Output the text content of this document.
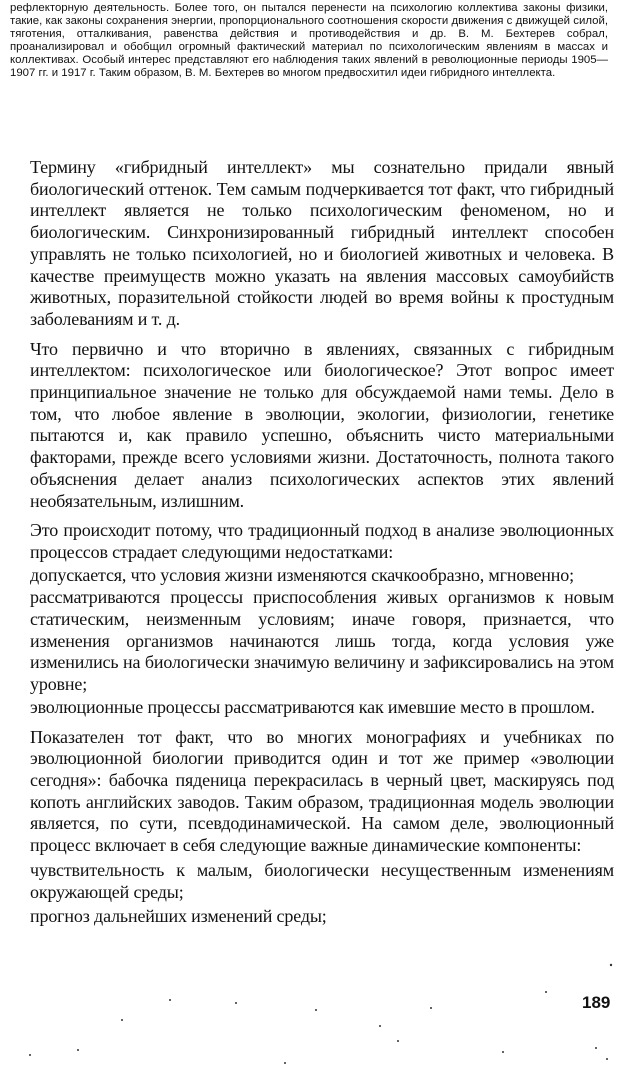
рефлекторную деятельность. Более того, он пытался перенести на психологию коллектива законы физики, такие, как законы сохранения энергии, пропорционального соотношения скорости движения с движущей силой, тяготения, отталкивания, равенства действия и противодействия и др. В. М. Бехтерев собрал, проанализировал и обобщил огромный фактический материал по психологическим явлениям в массах и коллективах. Особый интерес представляют его наблюдения таких явлений в революционные периоды 1905—1907 гг. и 1917 г. Таким образом, В. М. Бехтерев во многом предвосхитил идеи гибридного интеллекта.

Термину «гибридный интеллект» мы сознательно придали явный биологический оттенок. Тем самым подчеркивается тот факт, что гибридный интеллект является не только психологическим феноменом, но и биологическим. Синхронизированный гибридный интеллект способен управлять не только психологией, но и биологией животных и человека. В качестве преимуществ можно указать на явления массовых самоубийств животных, поразительной стойкости людей во время войны к простудным заболеваниям и т. д.

Что первично и что вторично в явлениях, связанных с гибридным интеллектом: психологическое или биологическое? Этот вопрос имеет принципиальное значение не только для обсуждаемой нами темы. Дело в том, что любое явление в эволюции, экологии, физиологии, генетике пытаются и, как правило успешно, объяснить чисто материальными факторами, прежде всего условиями жизни. Достаточность, полнота такого объяснения делает анализ психологических аспектов этих явлений необязательным, излишним.

Это происходит потому, что традиционный подход в анализе эволюционных процессов страдает следующими недостатками:

допускается, что условия жизни изменяются скачкообразно, мгновенно;

рассматриваются процессы приспособления живых организмов к новым статическим, неизменным условиям; иначе говоря, признается, что изменения организмов начинаются лишь тогда, когда условия уже изменились на биологически значимую величину и зафиксировались на этом уровне;

эволюционные процессы рассматриваются как имевшие место в прошлом.

Показателен тот факт, что во многих монографиях и учебниках по эволюционной биологии приводится один и тот же пример «эволюции сегодня»: бабочка пяденица перекрасилась в черный цвет, маскируясь под копоть английских заводов. Таким образом, традиционная модель эволюции является, по сути, псевдодинамической. На самом деле, эволюционный процесс включает в себя следующие важные динамические компоненты:

чувствительность к малым, биологически несущественным изменениям окружающей среды;

прогноз дальнейших изменений среды;

189
